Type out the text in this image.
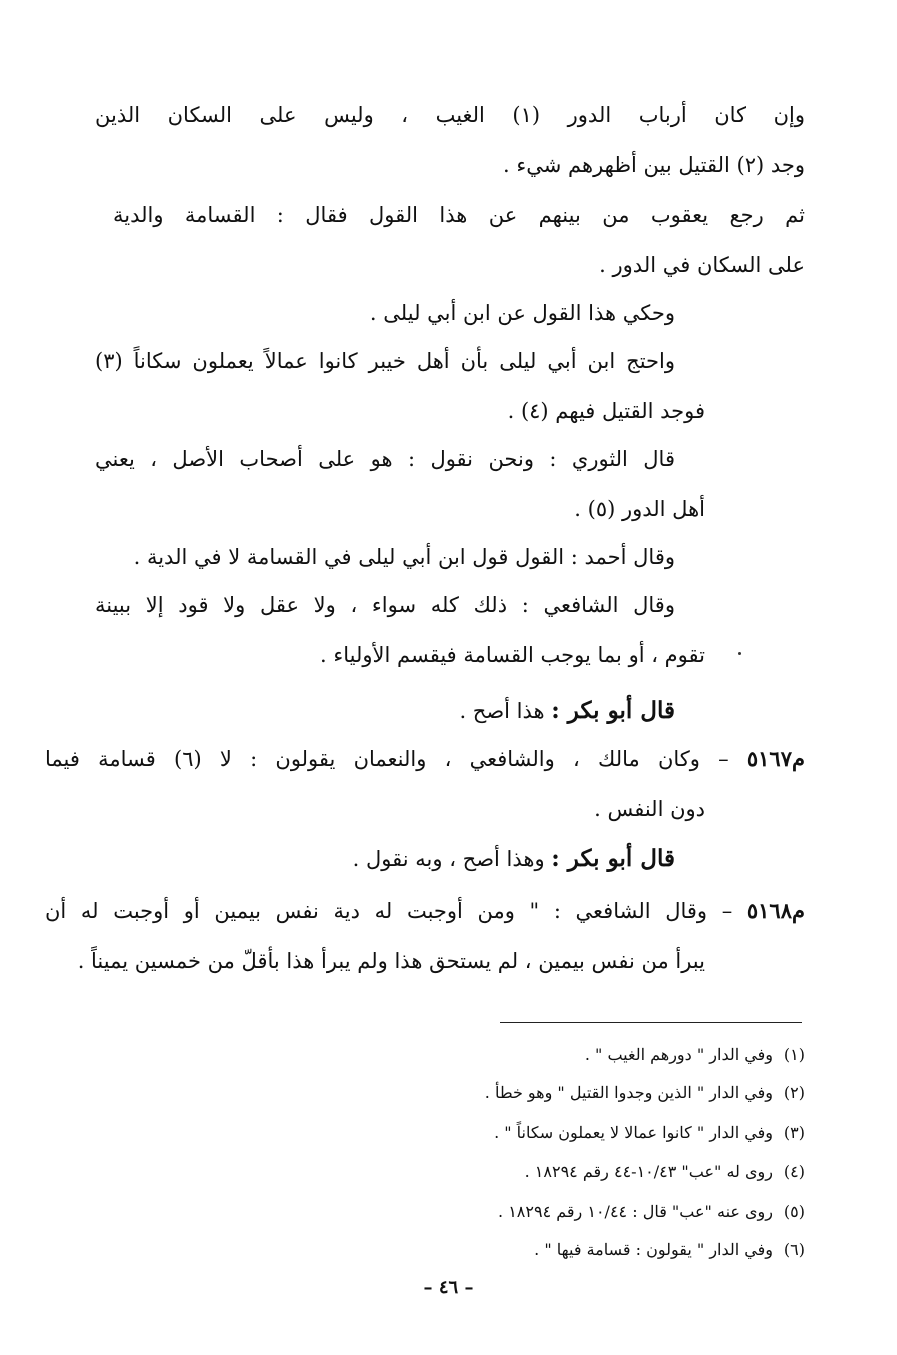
وإن كان أرباب الدور (١) الغيب ، وليس على السكان الذين
وجد (٢) القتيل بين أظهرهم شيء .
ثم رجع يعقوب من بينهم عن هذا القول فقال : القسامة والدية
على السكان في الدور .
وحكي هذا القول عن ابن أبي ليلى .
واحتج ابن أبي ليلى بأن أهل خيبر كانوا عمالاً يعملون سكاناً (٣)
فوجد القتيل فيهم (٤) .
قال الثوري : ونحن نقول : هو على أصحاب الأصل ، يعني
أهل الدور (٥) .
وقال أحمد : القول قول ابن أبي ليلى في القسامة لا في الدية .
وقال الشافعي : ذلك كله سواء ، ولا عقل ولا قود إلا ببينة
تقوم ، أو بما يوجب القسامة فيقسم الأولياء .
قال أبو بكر : هذا أصح .
م٥١٦٧ – وكان مالك ، والشافعي ، والنعمان يقولون : لا (٦) قسامة فيما
دون النفس .
قال أبو بكر : وهذا أصح ، وبه نقول .
م٥١٦٨ – وقال الشافعي : " ومن أوجبت له دية نفس بيمين أو أوجبت له أن
يبرأ من نفس بيمين ، لم يستحق هذا ولم يبرأ هذا بأقلّ من خمسين يميناً .
(١)وفي الدار " دورهم الغيب " .
(٢)وفي الدار " الذين وجدوا القتيل " وهو خطأ .
(٣)وفي الدار " كانوا عمالا لا يعملون سكاناً " .
(٤)روى له "عب" ١٠/٤٣-٤٤ رقم ١٨٢٩٤ .
(٥)روى عنه "عب" قال : ١٠/٤٤ رقم ١٨٢٩٤ .
(٦)وفي الدار " يقولون : قسامة فيها " .
– ٤٦ –
